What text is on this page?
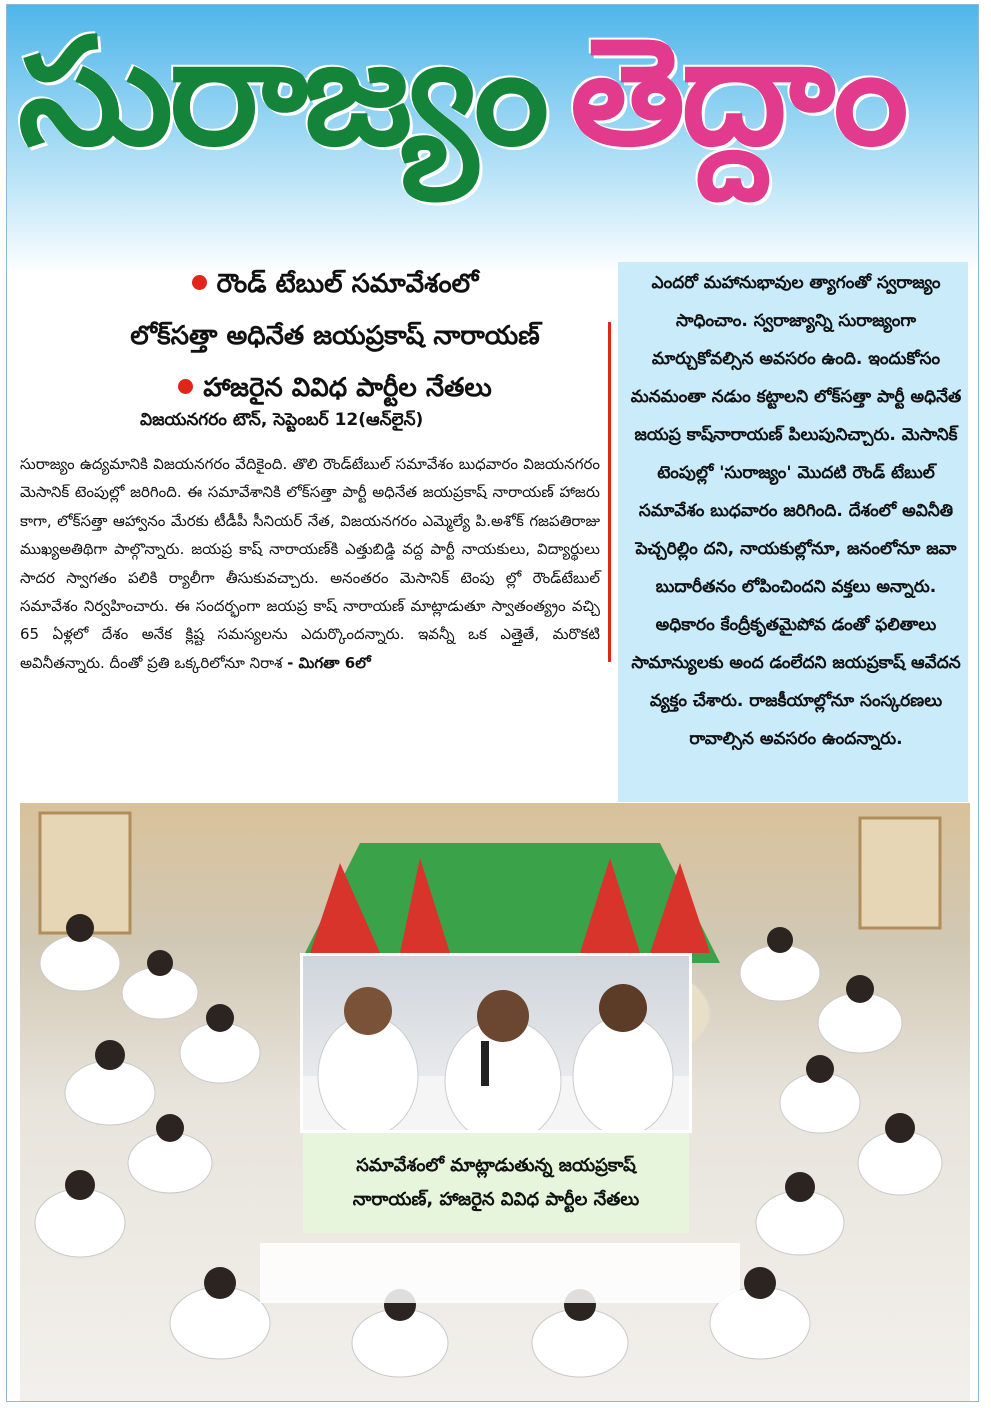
సురాజ్యం తెద్దాం
రౌండ్ టేబుల్ సమావేశంలో
లోక్‌సత్తా అధినేత జయప్రకాష్ నారాయణ్
హాజరైన వివిధ పార్టీల నేతలు
విజయనగరం టౌన్, సెప్టెంబర్ 12(ఆన్‌లైన్)

సురాజ్యం ఉద్యమానికి విజయనగరం వేదికైంది. తొలి రౌండ్‌టేబుల్ సమావేశం బుధవారం విజయనగరం మెసానిక్ టెంపుల్లో జరిగింది. ఈ సమావేశానికి లోక్‌సత్తా పార్టీ అధినేత జయప్రకాష్ నారాయణ్ హాజరు కాగా, లోక్‌సత్తా ఆహ్వానం మేరకు టీడీపీ సీనియర్ నేత, విజయనగరం ఎమ్మెల్యే పి.అశోక్ గజపతిరాజు ముఖ్యఅతిథిగా పాల్గొన్నారు. జయప్ర కాష్ నారాయణ్‌కి ఎత్తుబిడ్డి వద్ద పార్టీ నాయకులు, విద్యార్థులు సాదర స్వాగతం పలికి ర్యాలీగా తీసుకువచ్చారు. అనంతరం మెసానిక్ టెంపు ల్లో రౌండ్‌టేబుల్ సమావేశం నిర్వహించారు. ఈ సందర్భంగా జయప్ర కాష్ నారాయణ్ మాట్లాడుతూ స్వాతంత్య్రం వచ్చి 65 ఏళ్లలో దేశం అనేక క్లిష్ట సమస్యలను ఎదుర్కొందన్నారు. ఇవన్నీ ఒక ఎత్తైతే, మరొకటి అవినీతన్నారు. దీంతో ప్రతి ఒక్కరిలోనూ నిరాశ - మిగతా 6లో

ఎందరో మహానుభావుల త్యాగంతో స్వరాజ్యం సాధించాం. స్వరాజ్యాన్ని సురాజ్యంగా మార్చుకోవల్సిన అవసరం ఉంది. ఇందుకోసం మనమంతా నడుం కట్టాలని లోక్‌సత్తా పార్టీ అధినేత జయప్ర కాష్‌నారాయణ్ పిలుపునిచ్చారు. మెసానిక్ టెంపుల్లో 'సురాజ్యం' మొదటి రౌండ్ టేబుల్ సమావేశం బుధవారం జరిగింది. దేశంలో అవినీతి పెచ్చరిల్లిం దని, నాయకుల్లోనూ, జనంలోనూ జవా బుదారీతనం లోపించిందని వక్తలు అన్నారు. అధికారం కేంద్రీకృతమైపోవ డంతో ఫలితాలు సామాన్యులకు అంద డంలేదని జయప్రకాష్ ఆవేదన వ్యక్తం చేశారు. రాజకీయాల్లోనూ సంస్కరణలు రావాల్సిన అవసరం ఉందన్నారు.

సమావేశంలో మాట్లాడుతున్న జయప్రకాష్
నారాయణ్, హాజరైన వివిధ పార్టీల నేతలు
